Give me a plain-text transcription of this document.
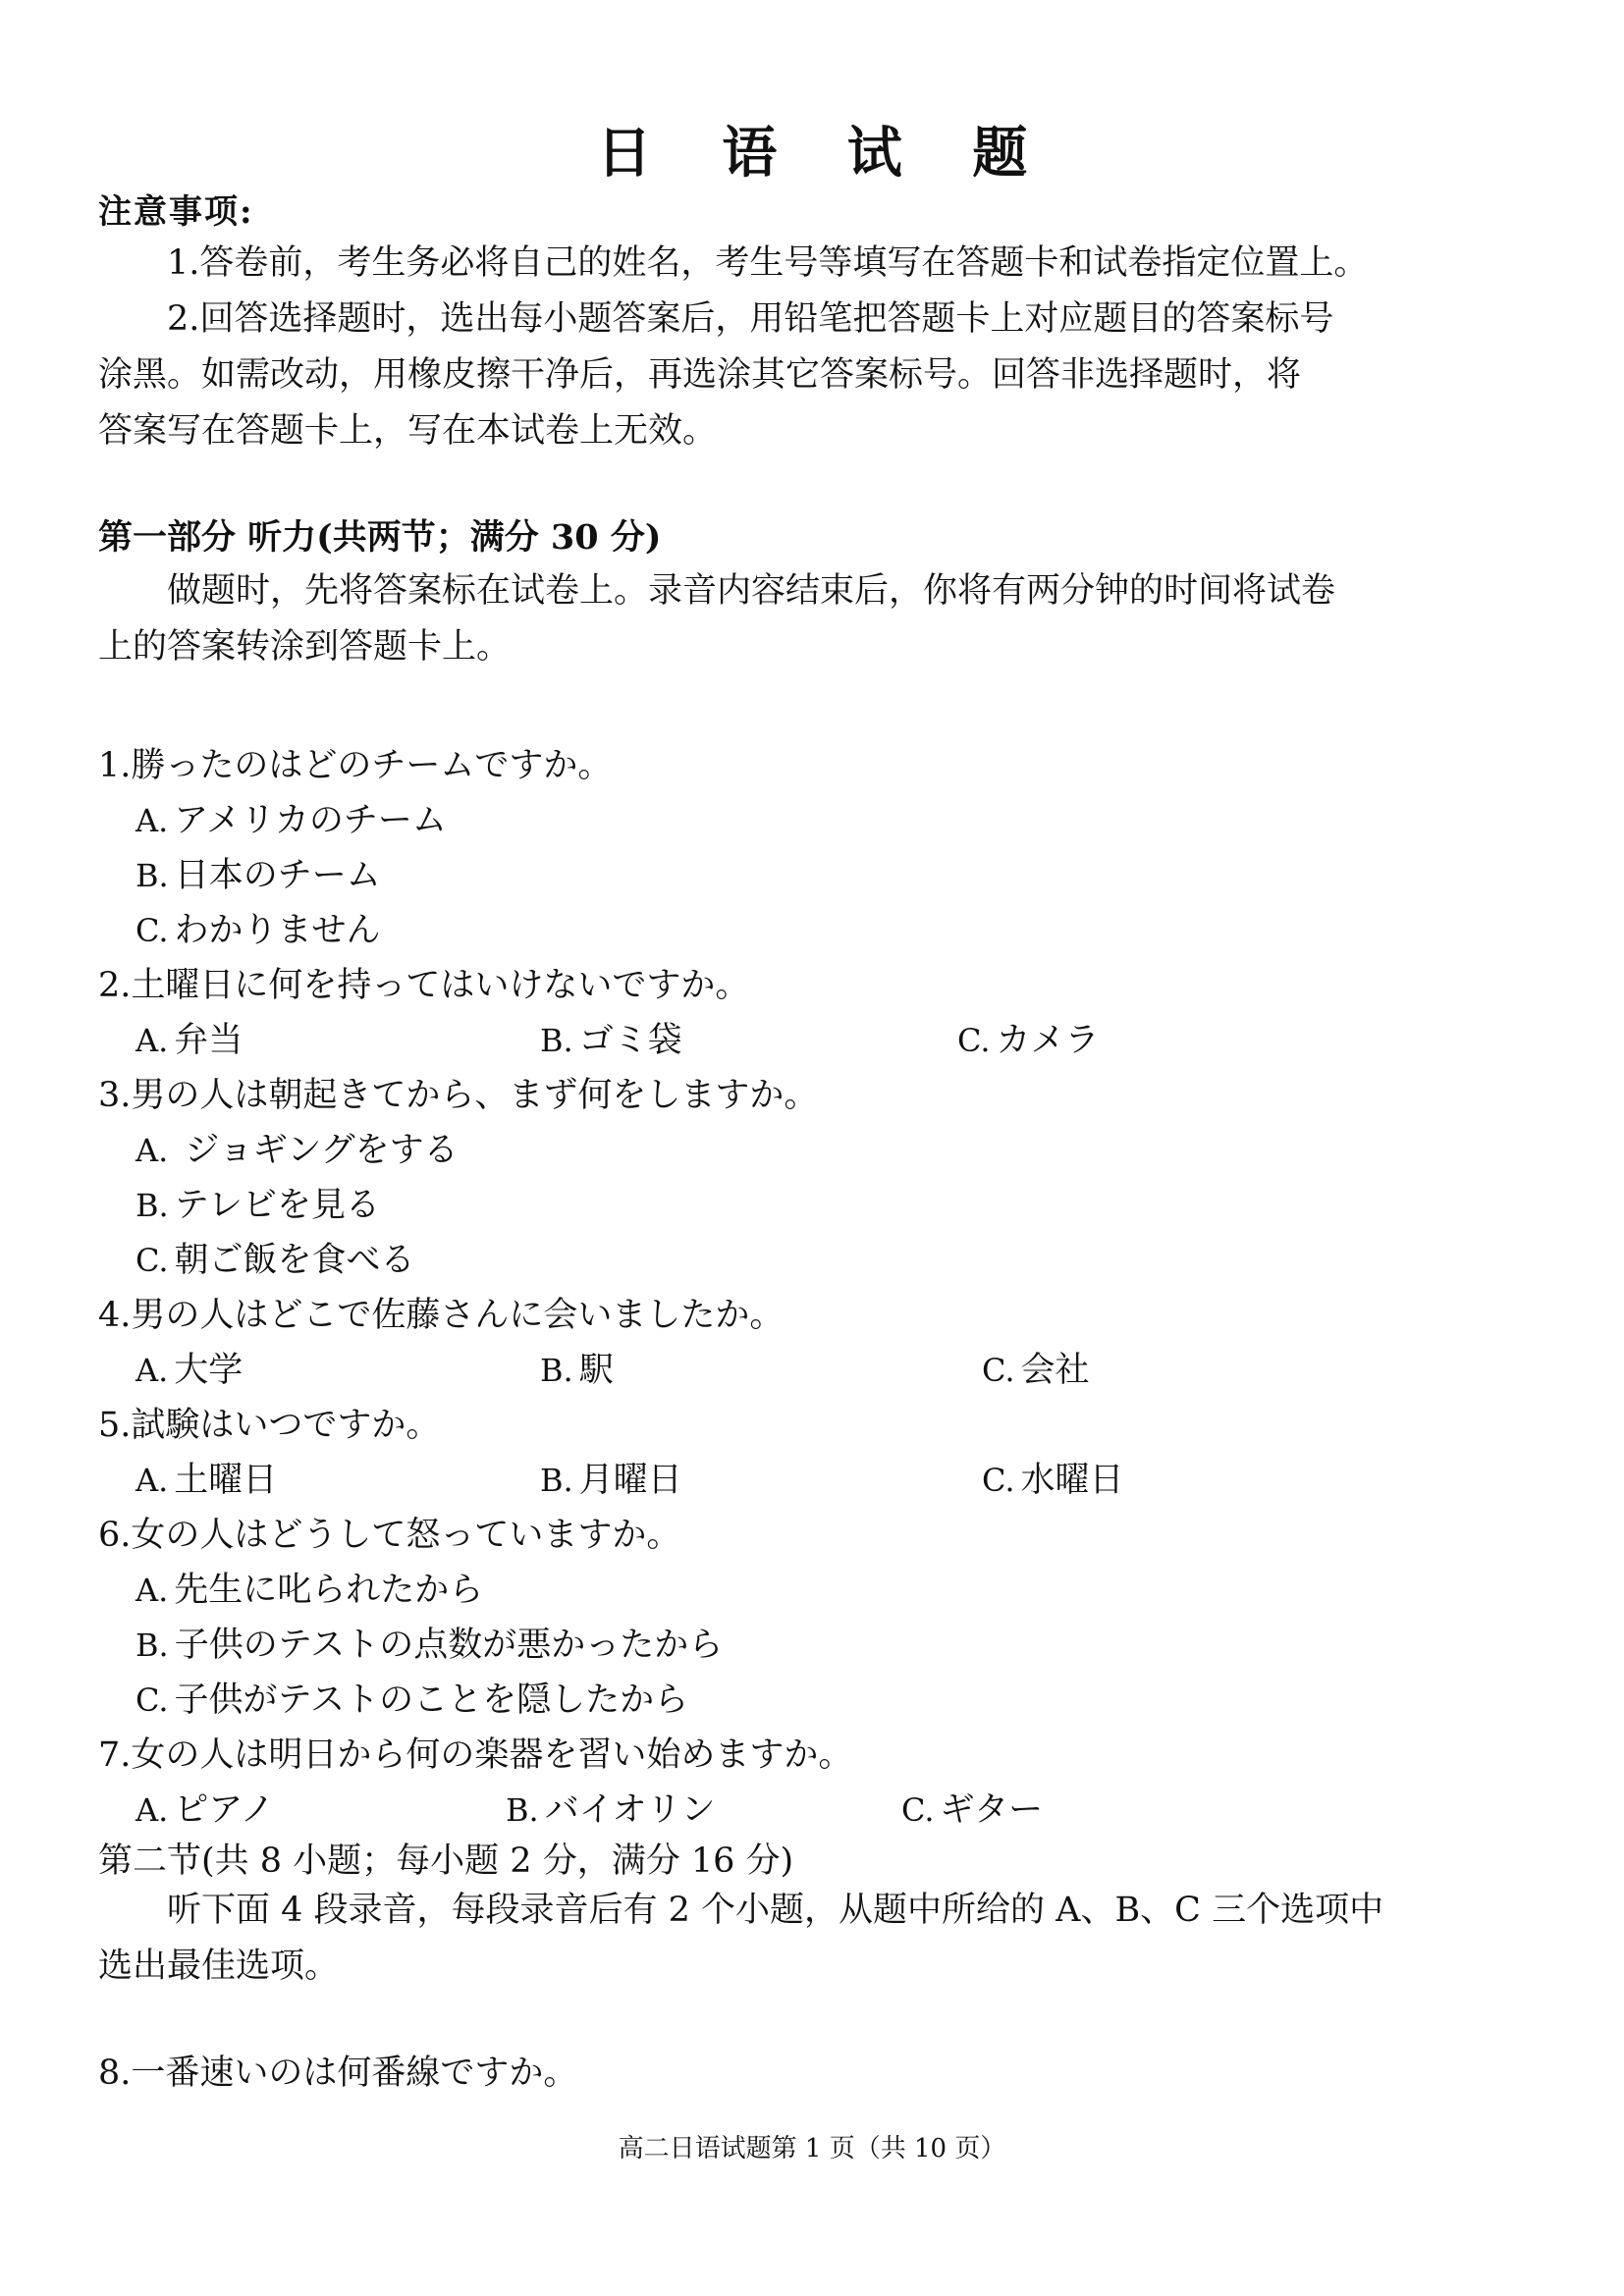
日 语 试 题
注意事项:
1.答卷前，考生务必将自己的姓名，考生号等填写在答题卡和试卷指定位置上。
2.回答选择题时，选出每小题答案后，用铅笔把答题卡上对应题目的答案标号
涂黑。如需改动，用橡皮擦干净后，再选涂其它答案标号。回答非选择题时，将
答案写在答题卡上，写在本试卷上无效。
第一部分 听力(共两节；满分 30 分)
做题时，先将答案标在试卷上。录音内容结束后，你将有两分钟的时间将试卷
上的答案转涂到答题卡上。
1.勝ったのはどのチームですか。
A. アメリカのチーム
B. 日本のチーム
C. わかりません
2.土曜日に何を持ってはいけないですか。
A. 弁当	B. ゴミ袋	C. カメラ
3.男の人は朝起きてから、まず何をしますか。
A. ジョギングをする
B. テレビを見る
C. 朝ご飯を食べる
4.男の人はどこで佐藤さんに会いましたか。
A. 大学	B. 駅	C. 会社
5.試験はいつですか。
A. 土曜日	B. 月曜日	C. 水曜日
6.女の人はどうして怒っていますか。
A. 先生に叱られたから
B. 子供のテストの点数が悪かったから
C. 子供がテストのことを隠したから
7.女の人は明日から何の楽器を習い始めますか。
A. ピアノ	B. バイオリン	C. ギター
第二节(共 8 小题；每小题 2 分，满分 16 分)
听下面 4 段录音，每段录音后有 2 个小题，从题中所给的 A、B、C 三个选项中
选出最佳选项。
8.一番速いのは何番線ですか。
高二日语试题第 1 页（共 10 页）
